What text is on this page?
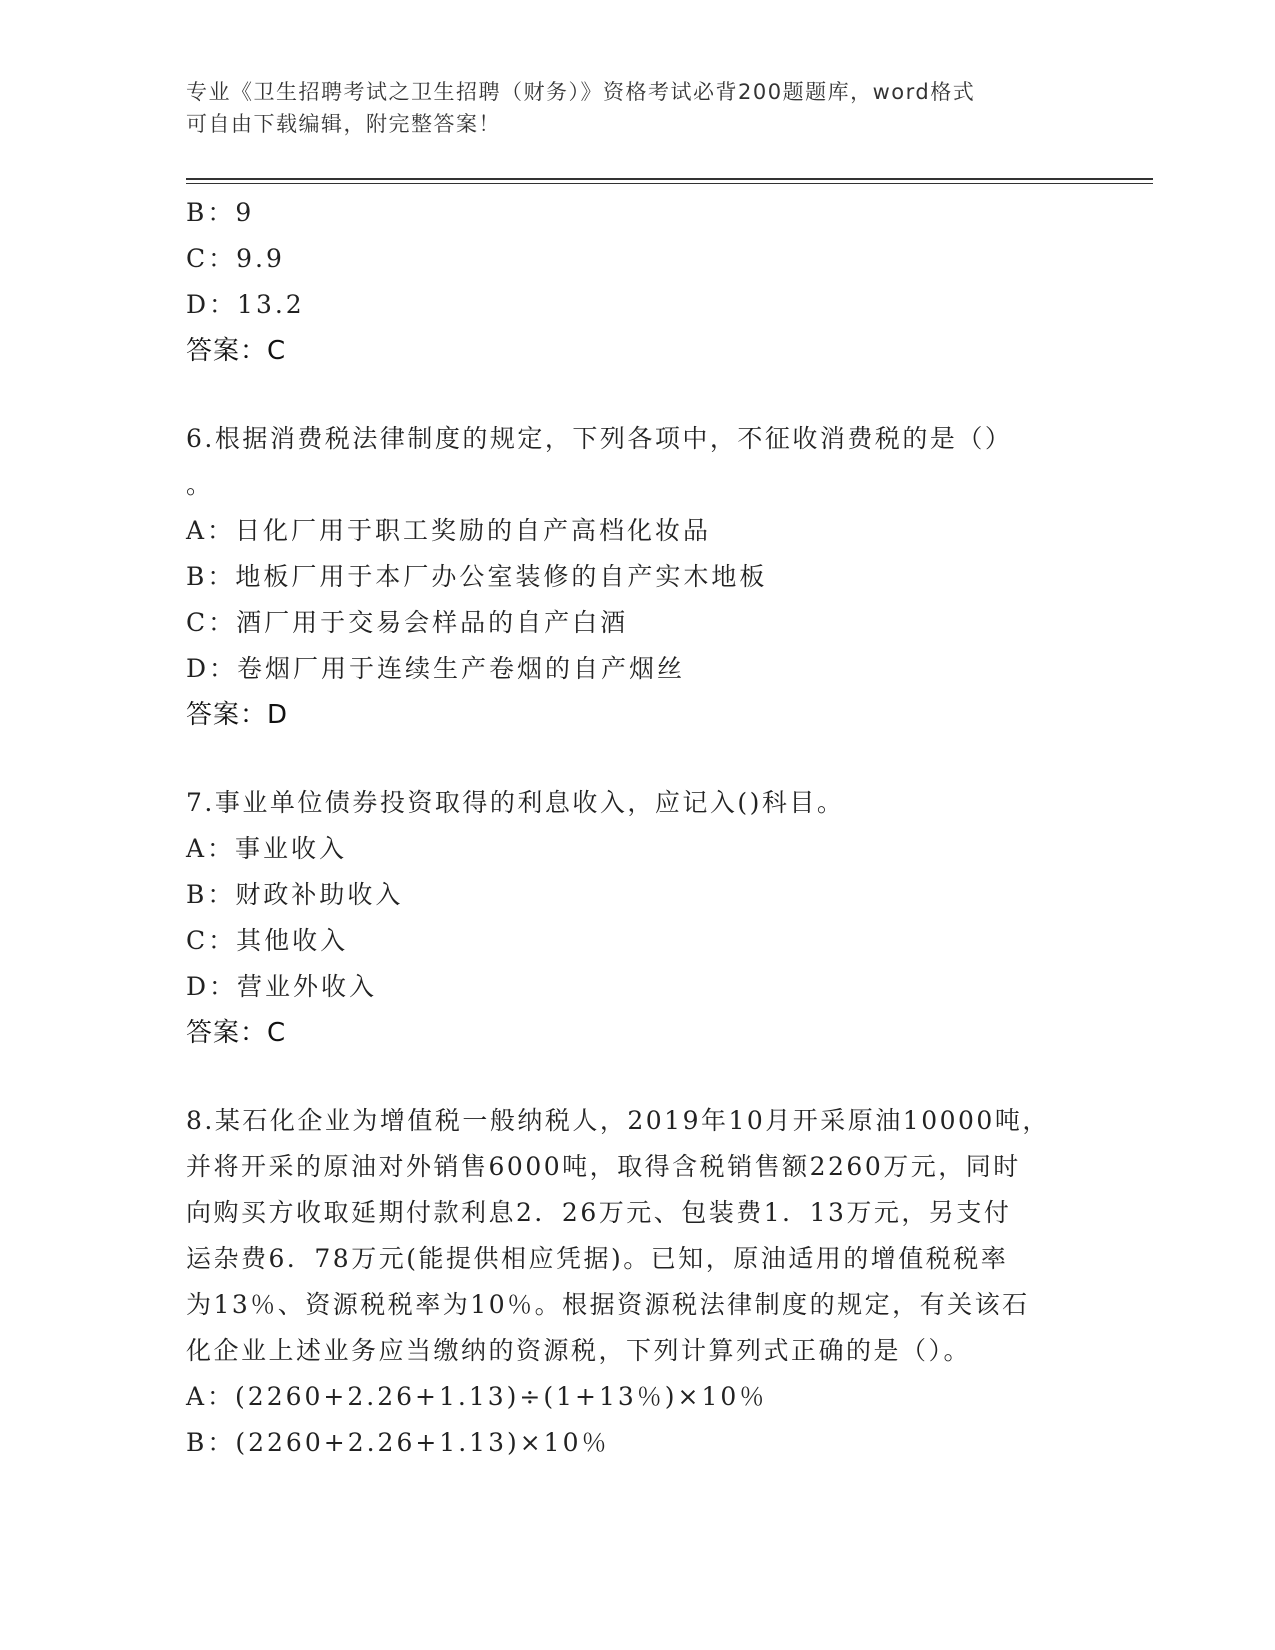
专业《卫生招聘考试之卫生招聘（财务）》资格考试必背200题题库，word格式
可自由下载编辑，附完整答案！
B：9
C：9.9
D：13.2
答案：C
6.根据消费税法律制度的规定，下列各项中，不征收消费税的是（）
。
A：日化厂用于职工奖励的自产高档化妆品
B：地板厂用于本厂办公室装修的自产实木地板
C：酒厂用于交易会样品的自产白酒
D：卷烟厂用于连续生产卷烟的自产烟丝
答案：D
7.事业单位债券投资取得的利息收入，应记入()科目。
A：事业收入
B：财政补助收入
C：其他收入
D：营业外收入
答案：C
8.某石化企业为增值税一般纳税人，2019年10月开采原油10000吨，
并将开采的原油对外销售6000吨，取得含税销售额2260万元，同时
向购买方收取延期付款利息2．26万元、包装费1．13万元，另支付
运杂费6．78万元(能提供相应凭据)。已知，原油适用的增值税税率
为13％、资源税税率为10％。根据资源税法律制度的规定，有关该石
化企业上述业务应当缴纳的资源税，下列计算列式正确的是（）。
A：(2260+2.26+1.13)÷(1+13％)×10％
B：(2260+2.26+1.13)×10％
